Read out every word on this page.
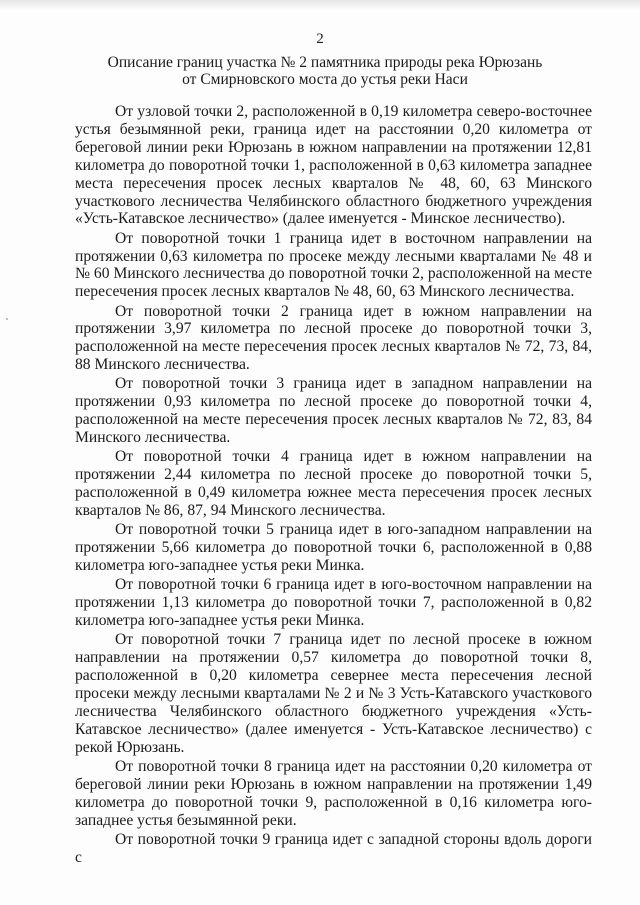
2
Описание границ участка № 2 памятника природы река Юрюзань
от Смирновского моста до устья реки Наси

От узловой точки 2, расположенной в 0,19 километра северо-восточнее устья безымянной реки, граница идет на расстоянии 0,20 километра от береговой линии реки Юрюзань в южном направлении на протяжении 12,81 километра до поворотной точки 1, расположенной в 0,63 километра западнее места пересечения просек лесных кварталов № 48, 60, 63 Минского участкового лесничества Челябинского областного бюджетного учреждения «Усть-Катавское лесничество» (далее именуется - Минское лесничество).

От поворотной точки 1 граница идет в восточном направлении на протяжении 0,63 километра по просеке между лесными кварталами № 48 и № 60 Минского лесничества до поворотной точки 2, расположенной на месте пересечения просек лесных кварталов № 48, 60, 63 Минского лесничества.

От поворотной точки 2 граница идет в южном направлении на протяжении 3,97 километра по лесной просеке до поворотной точки 3, расположенной на месте пересечения просек лесных кварталов № 72, 73, 84, 88 Минского лесничества.

От поворотной точки 3 граница идет в западном направлении на протяжении 0,93 километра по лесной просеке до поворотной точки 4, расположенной на месте пересечения просек лесных кварталов № 72, 83, 84 Минского лесничества.

От поворотной точки 4 граница идет в южном направлении на протяжении 2,44 километра по лесной просеке до поворотной точки 5, расположенной в 0,49 километра южнее места пересечения просек лесных кварталов № 86, 87, 94 Минского лесничества.

От поворотной точки 5 граница идет в юго-западном направлении на протяжении 5,66 километра до поворотной точки 6, расположенной в 0,88 километра юго-западнее устья реки Минка.

От поворотной точки 6 граница идет в юго-восточном направлении на протяжении 1,13 километра до поворотной точки 7, расположенной в 0,82 километра юго-западнее устья реки Минка.

От поворотной точки 7 граница идет по лесной просеке в южном направлении на протяжении 0,57 километра до поворотной точки 8, расположенной в 0,20 километра севернее места пересечения лесной просеки между лесными кварталами № 2 и № 3 Усть-Катавского участкового лесничества Челябинского областного бюджетного учреждения «Усть-Катавское лесничество» (далее именуется - Усть-Катавское лесничество) с рекой Юрюзань.

От поворотной точки 8 граница идет на расстоянии 0,20 километра от береговой линии реки Юрюзань в южном направлении на протяжении 1,49 километра до поворотной точки 9, расположенной в 0,16 километра юго-западнее устья безымянной реки.

От поворотной точки 9 граница идет с западной стороны вдоль дороги с
